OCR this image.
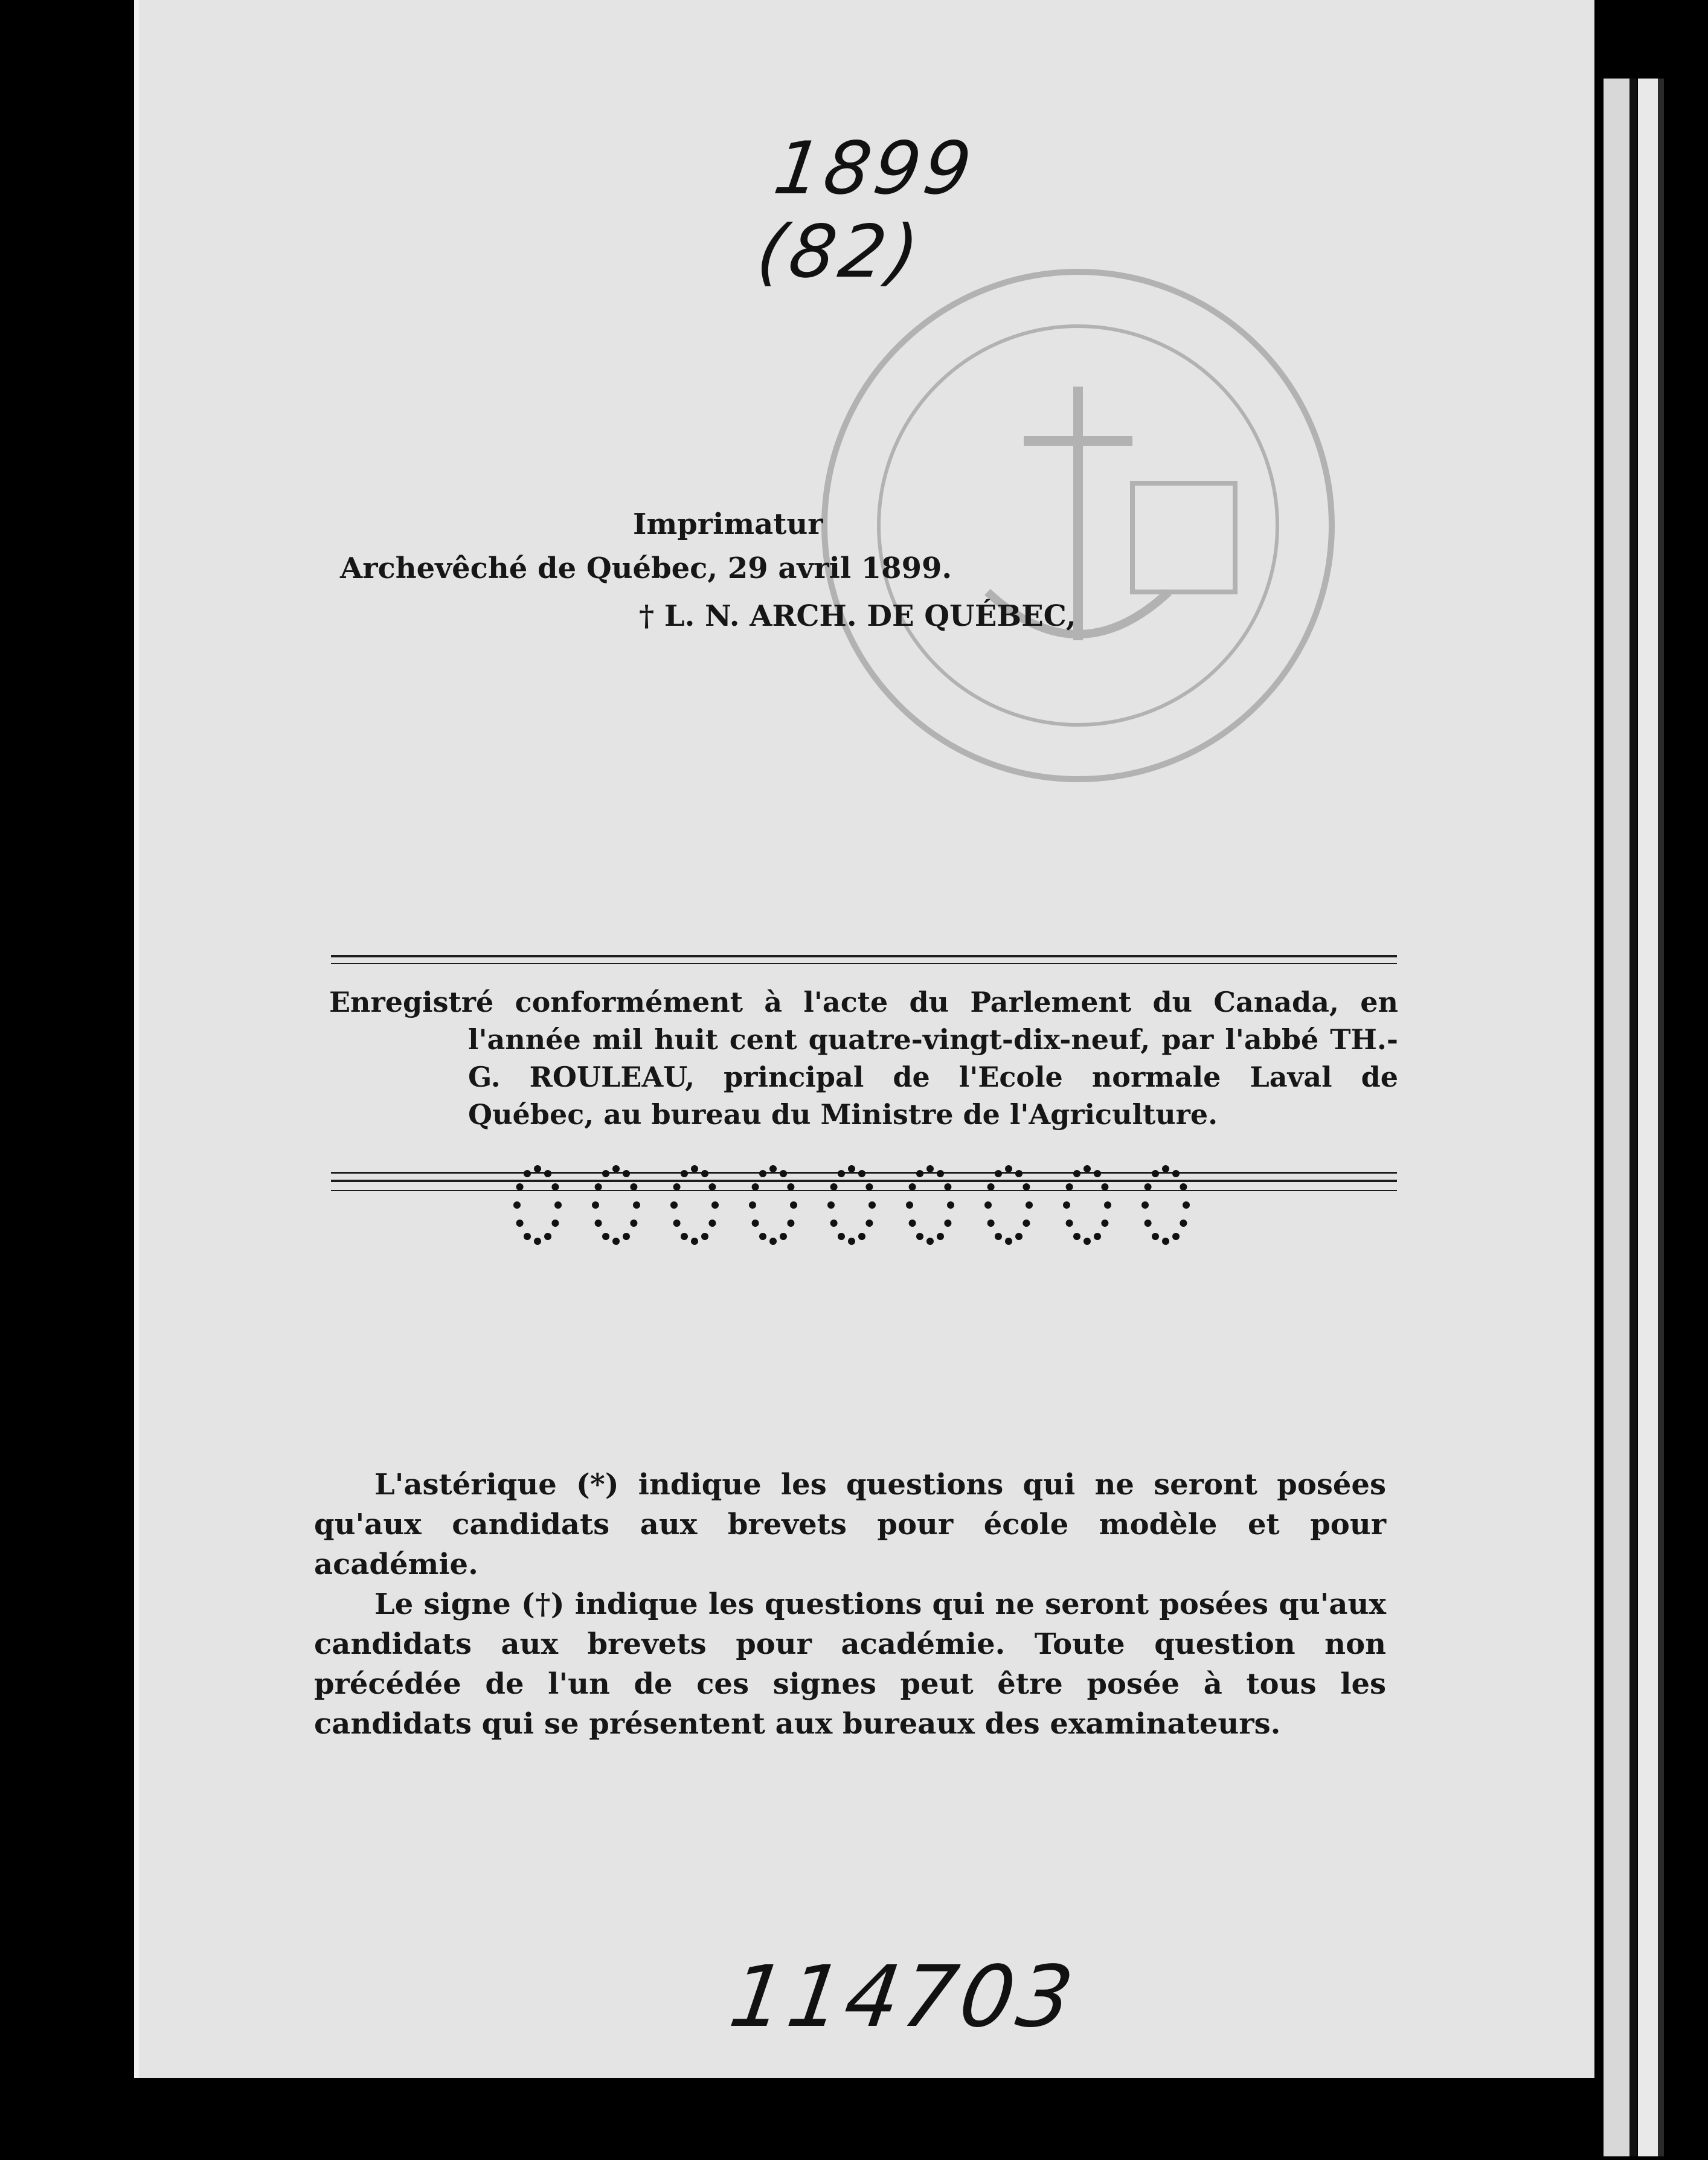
1899
(82)
Imprimatur
Archevêché de Québec, 29 avril 1899.
† L. N. ARCH. DE QUÉBEC,

Enregistré conformément à l'acte du Parlement du Canada, en l'année mil huit cent quatre-vingt-dix-neuf, par l'abbé TH.-G. ROULEAU, principal de l'Ecole normale Laval de Québec, au bureau du Ministre de l'Agriculture.

L'astérique (*) indique les questions qui ne seront posées qu'aux candidats aux brevets pour école modèle et pour académie.

Le signe (†) indique les questions qui ne seront posées qu'aux candidats aux brevets pour académie. Toute question non précédée de l'un de ces signes peut être posée à tous les candidats qui se présentent aux bureaux des examinateurs.

114703
